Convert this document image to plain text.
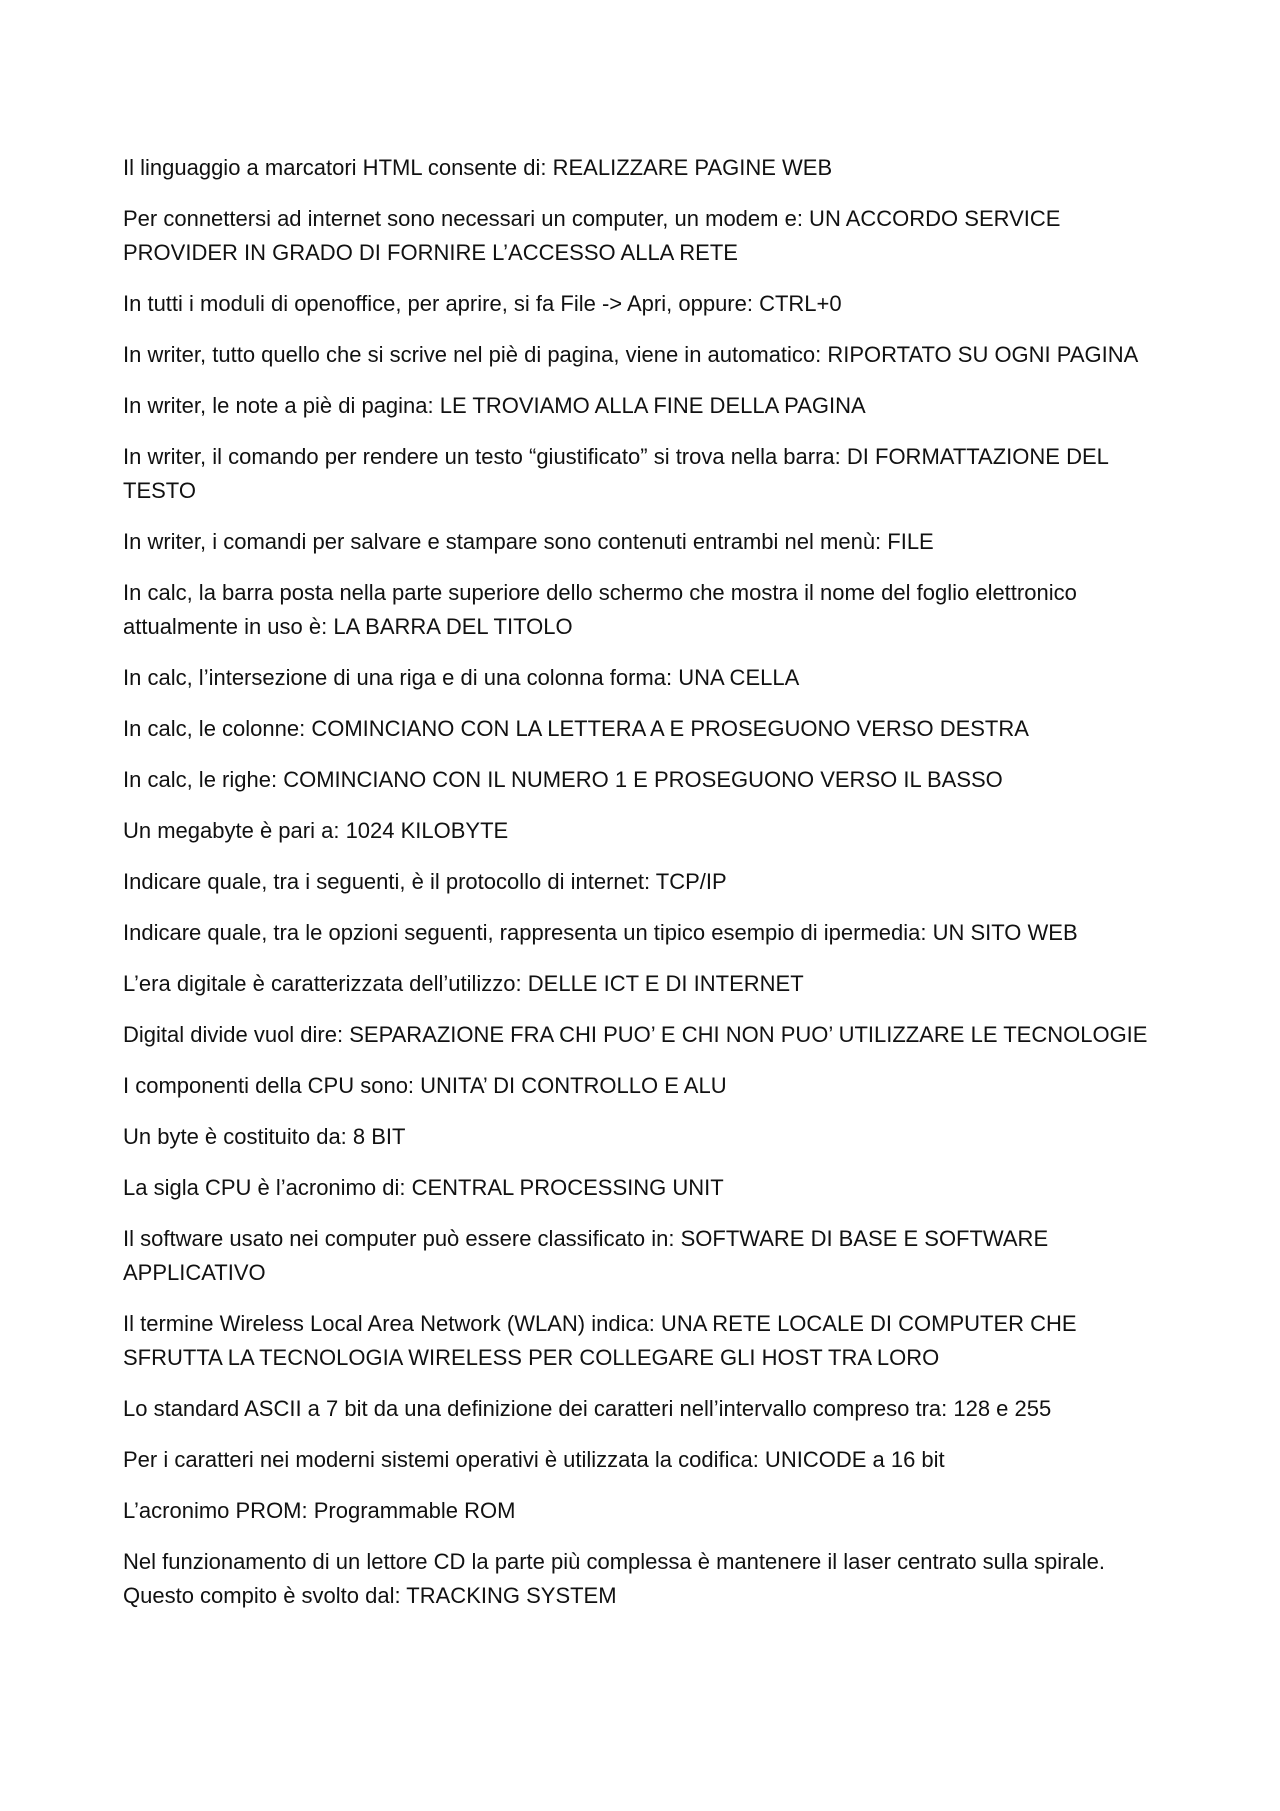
Il linguaggio a marcatori HTML consente di: REALIZZARE PAGINE WEB

Per connettersi ad internet sono necessari un computer, un modem e: UN ACCORDO SERVICE PROVIDER IN GRADO DI FORNIRE L’ACCESSO ALLA RETE

In tutti i moduli di openoffice, per aprire, si fa File -> Apri, oppure: CTRL+0

In writer, tutto quello che si scrive nel piè di pagina, viene in automatico: RIPORTATO SU OGNI PAGINA

In writer, le note a piè di pagina: LE TROVIAMO ALLA FINE DELLA PAGINA

In writer, il comando per rendere un testo “giustificato” si trova nella barra: DI FORMATTAZIONE DEL TESTO

In writer, i comandi per salvare e stampare sono contenuti entrambi nel menù: FILE

In calc, la barra posta nella parte superiore dello schermo che mostra il nome del foglio elettronico attualmente in uso è: LA BARRA DEL TITOLO

In calc, l’intersezione di una riga e di una colonna forma: UNA CELLA

In calc, le colonne: COMINCIANO CON LA LETTERA A E PROSEGUONO VERSO DESTRA

In calc, le righe: COMINCIANO CON IL NUMERO 1 E PROSEGUONO VERSO IL BASSO

Un megabyte è pari a: 1024 KILOBYTE

Indicare quale, tra i seguenti, è il protocollo di internet: TCP/IP

Indicare quale, tra le opzioni seguenti, rappresenta un tipico esempio di ipermedia: UN SITO WEB

L’era digitale è caratterizzata dell’utilizzo: DELLE ICT E DI INTERNET

Digital divide vuol dire: SEPARAZIONE FRA CHI PUO’ E CHI NON PUO’ UTILIZZARE LE TECNOLOGIE

I componenti della CPU sono: UNITA’ DI CONTROLLO E ALU

Un byte è costituito da: 8 BIT

La sigla CPU è l’acronimo di: CENTRAL PROCESSING UNIT

Il software usato nei computer può essere classificato in: SOFTWARE DI BASE E SOFTWARE APPLICATIVO

Il termine Wireless Local Area Network (WLAN) indica: UNA RETE LOCALE DI COMPUTER CHE SFRUTTA LA TECNOLOGIA WIRELESS PER COLLEGARE GLI HOST TRA LORO

Lo standard ASCII a 7 bit da una definizione dei caratteri nell’intervallo compreso tra: 128 e 255

Per i caratteri nei moderni sistemi operativi è utilizzata la codifica: UNICODE a 16 bit

L’acronimo PROM: Programmable ROM

Nel funzionamento di un lettore CD la parte più complessa è mantenere il laser centrato sulla spirale. Questo compito è svolto dal: TRACKING SYSTEM
